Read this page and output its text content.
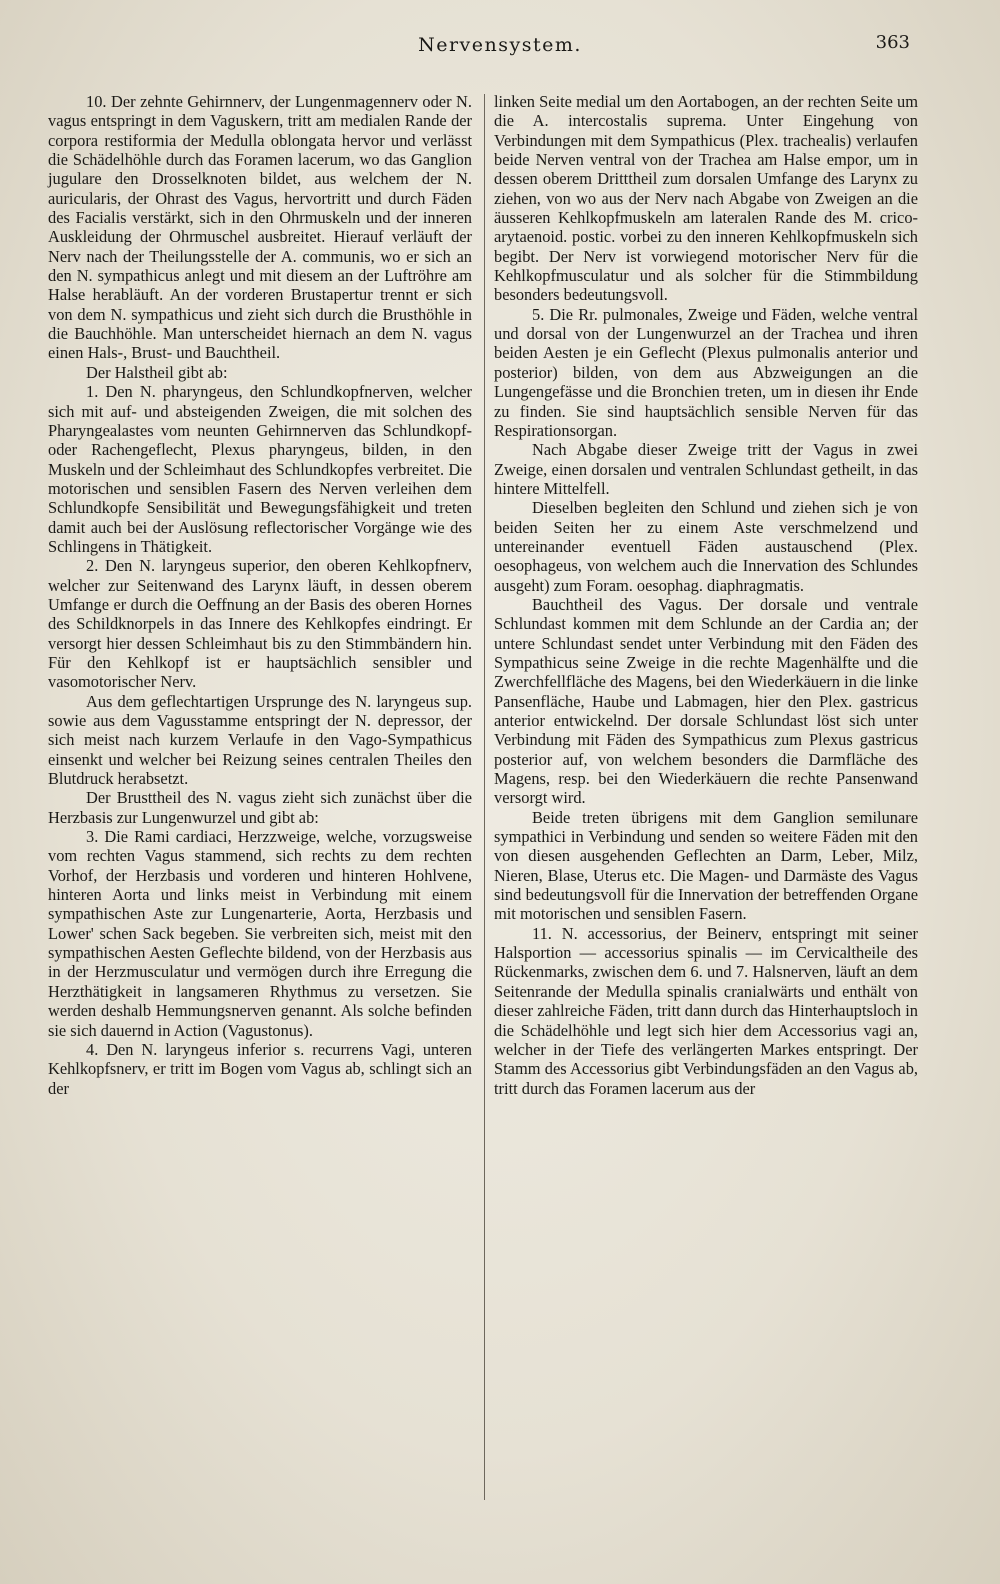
Nervensystem.	363

10. Der zehnte Gehirnnerv, der Lungenmagennerv oder N. vagus entspringt in dem Vaguskern, tritt am medialen Rande der corpora restiformia der Medulla oblongata hervor und verlässt die Schädelhöhle durch das Foramen lacerum, wo das Ganglion jugulare den Drosselknoten bildet, aus welchem der N. auricularis, der Ohrast des Vagus, hervortritt und durch Fäden des Facialis verstärkt, sich in den Ohrmuskeln und der inneren Auskleidung der Ohrmuschel ausbreitet. Hierauf verläuft der Nerv nach der Theilungsstelle der A. communis, wo er sich an den N. sympathicus anlegt und mit diesem an der Luftröhre am Halse herabläuft. An der vorderen Brustapertur trennt er sich von dem N. sympathicus und zieht sich durch die Brusthöhle in die Bauchhöhle. Man unterscheidet hiernach an dem N. vagus einen Hals-, Brust- und Bauchtheil.

Der Halstheil gibt ab:

1. Den N. pharyngeus, den Schlundkopfnerven, welcher sich mit auf- und absteigenden Zweigen, die mit solchen des Pharyngealastes vom neunten Gehirnnerven das Schlundkopf- oder Rachengeflecht, Plexus pharyngeus, bilden, in den Muskeln und der Schleimhaut des Schlundkopfes verbreitet. Die motorischen und sensiblen Fasern des Nerven verleihen dem Schlundkopfe Sensibilität und Bewegungsfähigkeit und treten damit auch bei der Auslösung reflectorischer Vorgänge wie des Schlingens in Thätigkeit.

2. Den N. laryngeus superior, den oberen Kehlkopfnerv, welcher zur Seitenwand des Larynx läuft, in dessen oberem Umfange er durch die Oeffnung an der Basis des oberen Hornes des Schildknorpels in das Innere des Kehlkopfes eindringt. Er versorgt hier dessen Schleimhaut bis zu den Stimmbändern hin. Für den Kehlkopf ist er hauptsächlich sensibler und vasomotorischer Nerv.

Aus dem geflechtartigen Ursprunge des N. laryngeus sup. sowie aus dem Vagusstamme entspringt der N. depressor, der sich meist nach kurzem Verlaufe in den Vago-Sympathicus einsenkt und welcher bei Reizung seines centralen Theiles den Blutdruck herabsetzt.

Der Brusttheil des N. vagus zieht sich zunächst über die Herzbasis zur Lungenwurzel und gibt ab:

3. Die Rami cardiaci, Herzzweige, welche, vorzugsweise vom rechten Vagus stammend, sich rechts zu dem rechten Vorhof, der Herzbasis und vorderen und hinteren Hohlvene, hinteren Aorta und links meist in Verbindung mit einem sympathischen Aste zur Lungenarterie, Aorta, Herzbasis und Lower' schen Sack begeben. Sie verbreiten sich, meist mit den sympathischen Aesten Geflechte bildend, von der Herzbasis aus in der Herzmusculatur und vermögen durch ihre Erregung die Herzthätigkeit in langsameren Rhythmus zu versetzen. Sie werden deshalb Hemmungsnerven genannt. Als solche befinden sie sich dauernd in Action (Vagustonus).

4. Den N. laryngeus inferior s. recurrens Vagi, unteren Kehlkopfsnerv, er tritt im Bogen vom Vagus ab, schlingt sich an der

linken Seite medial um den Aortabogen, an der rechten Seite um die A. intercostalis suprema. Unter Eingehung von Verbindungen mit dem Sympathicus (Plex. trachealis) verlaufen beide Nerven ventral von der Trachea am Halse empor, um in dessen oberem Dritttheil zum dorsalen Umfange des Larynx zu ziehen, von wo aus der Nerv nach Abgabe von Zweigen an die äusseren Kehlkopfmuskeln am lateralen Rande des M. crico-arytaenoid. postic. vorbei zu den inneren Kehlkopfmuskeln sich begibt. Der Nerv ist vorwiegend motorischer Nerv für die Kehlkopfmusculatur und als solcher für die Stimmbildung besonders bedeutungsvoll.

5. Die Rr. pulmonales, Zweige und Fäden, welche ventral und dorsal von der Lungenwurzel an der Trachea und ihren beiden Aesten je ein Geflecht (Plexus pulmonalis anterior und posterior) bilden, von dem aus Abzweigungen an die Lungengefässe und die Bronchien treten, um in diesen ihr Ende zu finden. Sie sind hauptsächlich sensible Nerven für das Respirationsorgan.

Nach Abgabe dieser Zweige tritt der Vagus in zwei Zweige, einen dorsalen und ventralen Schlundast getheilt, in das hintere Mittelfell.

Dieselben begleiten den Schlund und ziehen sich je von beiden Seiten her zu einem Aste verschmelzend und untereinander eventuell Fäden austauschend (Plex. oesophageus, von welchem auch die Innervation des Schlundes ausgeht) zum Foram. oesophag. diaphragmatis.

Bauchtheil des Vagus. Der dorsale und ventrale Schlundast kommen mit dem Schlunde an der Cardia an; der untere Schlundast sendet unter Verbindung mit den Fäden des Sympathicus seine Zweige in die rechte Magenhälfte und die Zwerchfellfläche des Magens, bei den Wiederkäuern in die linke Pansenfläche, Haube und Labmagen, hier den Plex. gastricus anterior entwickelnd. Der dorsale Schlundast löst sich unter Verbindung mit Fäden des Sympathicus zum Plexus gastricus posterior auf, von welchem besonders die Darmfläche des Magens, resp. bei den Wiederkäuern die rechte Pansenwand versorgt wird.

Beide treten übrigens mit dem Ganglion semilunare sympathici in Verbindung und senden so weitere Fäden mit den von diesen ausgehenden Geflechten an Darm, Leber, Milz, Nieren, Blase, Uterus etc. Die Magen- und Darmäste des Vagus sind bedeutungsvoll für die Innervation der betreffenden Organe mit motorischen und sensiblen Fasern.

11. N. accessorius, der Beinerv, entspringt mit seiner Halsportion — accessorius spinalis — im Cervicaltheile des Rückenmarks, zwischen dem 6. und 7. Halsnerven, läuft an dem Seitenrande der Medulla spinalis cranialwärts und enthält von dieser zahlreiche Fäden, tritt dann durch das Hinterhauptsloch in die Schädelhöhle und legt sich hier dem Accessorius vagi an, welcher in der Tiefe des verlängerten Markes entspringt. Der Stamm des Accessorius gibt Verbindungsfäden an den Vagus ab, tritt durch das Foramen lacerum aus der
